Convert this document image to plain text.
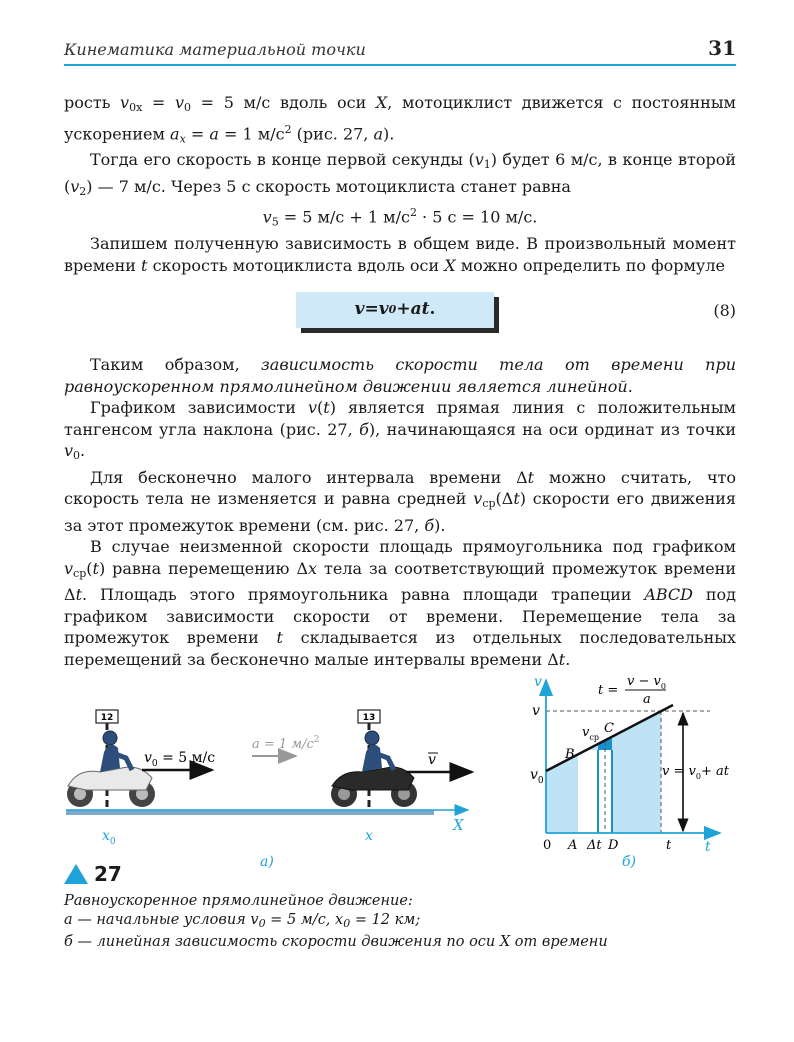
Кинематика материальной точки	31

рость $v_{0x} = v_0 = 5$ м/с вдоль оси X, мотоциклист движется с постоянным ускорением $a_x = a = 1$ $м/с^2$ (рис. 27, а).

Тогда его скорость в конце первой секунды $(v_1)$ будет 6 м/с, в конце второй $(v_2)$ — 7 м/с. Через 5 с скорость мотоциклиста станет равна

$v_5 = 5$ м/с + 1 $м/с^2 \cdot 5$ с = 10 м/с.

Запишем полученную зависимость в общем виде. В произвольный момент времени t скорость мотоциклиста вдоль оси X можно определить по формуле

v = v 0 + at .	(8)

Таким образом, зависимость скорости тела от времени при равноускоренном прямолинейном движении является линейной.

Графиком зависимости v(t) является прямая линия с положительным тангенсом угла наклона (рис. 27, б), начинающаяся на оси ординат из точки $v_0$.

Для бесконечно малого интервала времени Δt можно считать, что скорость тела не изменяется и равна средней $v_{ср}(\Delta t)$ скорости его движения за этот промежуток времени (см. рис. 27, б).

В случае неизменной скорости площадь прямоугольника под графиком $v_{ср}(t)$ равна перемещению Δx тела за соответствующий промежуток времени Δt. Площадь этого прямоугольника равна площади трапеции ABCD под графиком зависимости скорости от времени. Перемещение тела за промежуток времени t складывается из отдельных последовательных перемещений за бесконечно малые интервалы времени Δt.

X
12	13
$v_0 = 5$ м/с
a = 1 $м/с^2$
v
$x_0$	x
а)
v
t
v
$v_0$
t =
$v - v_0$
a
$v_{ср}$
B
C
0 A Δt D	t
$v = v_0+$ at
б)
27
Равноускоренное прямолинейное движение:
а — начальные условия $v_0 = 5$ м/с, $x_0 = 12$ км;
б — линейная зависимость скорости движения по оси X от времени
